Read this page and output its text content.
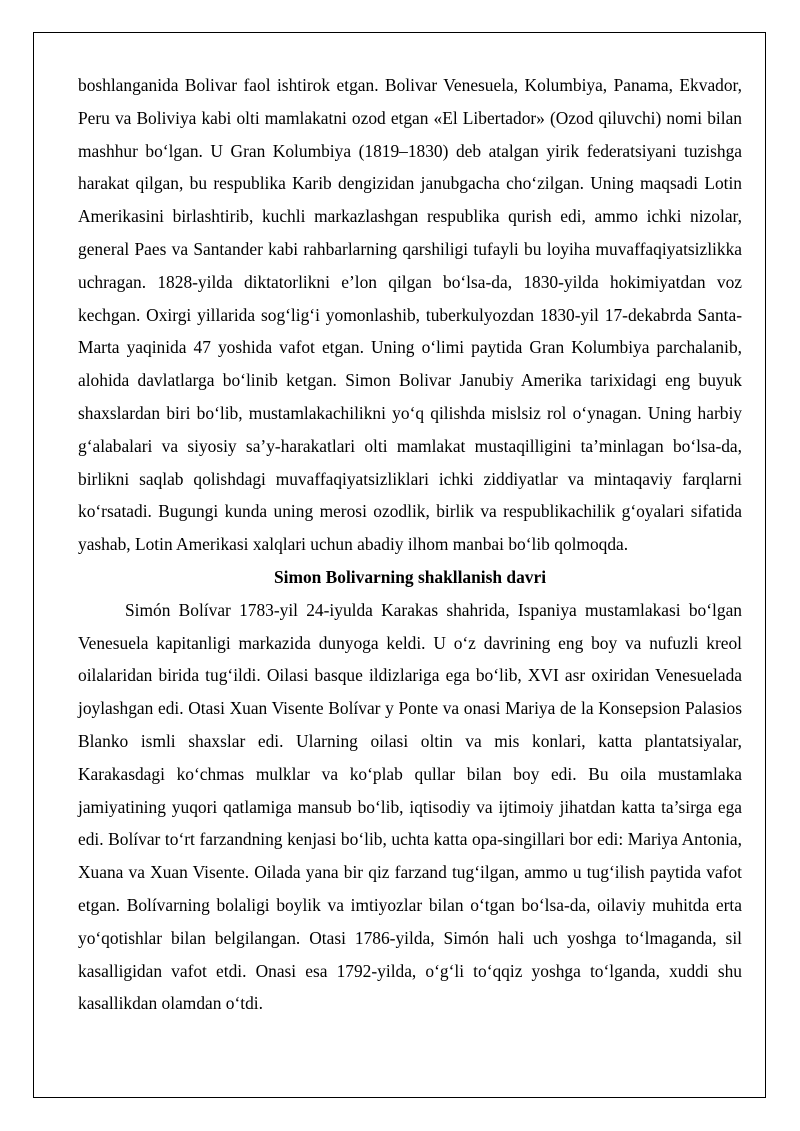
boshlanganida Bolivar faol ishtirok etgan. Bolivar Venesuela, Kolumbiya, Panama, Ekvador, Peru va Boliviya kabi olti mamlakatni ozod etgan «El Libertador» (Ozod qiluvchi) nomi bilan mashhur bo‘lgan. U Gran Kolumbiya (1819–1830) deb atalgan yirik federatsiyani tuzishga harakat qilgan, bu respublika Karib dengizidan janubgacha cho‘zilgan. Uning maqsadi Lotin Amerikasini birlashtirib, kuchli markazlashgan respublika qurish edi, ammo ichki nizolar, general Paes va Santander kabi rahbarlarning qarshiligi tufayli bu loyiha muvaffaqiyatsizlikka uchragan. 1828-yilda diktatorlikni e’lon qilgan bo‘lsa-da, 1830-yilda hokimiyatdan voz kechgan. Oxirgi yillarida sog‘lig‘i yomonlashib, tuberkulyozdan 1830-yil 17-dekabrda Santa-Marta yaqinida 47 yoshida vafot etgan. Uning o‘limi paytida Gran Kolumbiya parchalanib, alohida davlatlarga bo‘linib ketgan. Simon Bolivar Janubiy Amerika tarixidagi eng buyuk shaxslardan biri bo‘lib, mustamlakachilikni yo‘q qilishda mislsiz rol o‘ynagan. Uning harbiy g‘alabalari va siyosiy sa’y-harakatlari olti mamlakat mustaqilligini ta’minlagan bo‘lsa-da, birlikni saqlab qolishdagi muvaffaqiyatsizliklari ichki ziddiyatlar va mintaqaviy farqlarni ko‘rsatadi. Bugungi kunda uning merosi ozodlik, birlik va respublikachilik g‘oyalari sifatida yashab, Lotin Amerikasi xalqlari uchun abadiy ilhom manbai bo‘lib qolmoqda.

Simon Bolivarning shakllanish davri

Simón Bolívar 1783-yil 24-iyulda Karakas shahrida, Ispaniya mustamlakasi bo‘lgan Venesuela kapitanligi markazida dunyoga keldi. U o‘z davrining eng boy va nufuzli kreol oilalaridan birida tug‘ildi. Oilasi basque ildizlariga ega bo‘lib, XVI asr oxiridan Venesuelada joylashgan edi. Otasi Xuan Visente Bolívar y Ponte va onasi Mariya de la Konsepsion Palasios Blanko ismli shaxslar edi. Ularning oilasi oltin va mis konlari, katta plantatsiyalar, Karakasdagi ko‘chmas mulklar va ko‘plab qullar bilan boy edi. Bu oila mustamlaka jamiyatining yuqori qatlamiga mansub bo‘lib, iqtisodiy va ijtimoiy jihatdan katta ta’sirga ega edi. Bolívar to‘rt farzandning kenjasi bo‘lib, uchta katta opa-singillari bor edi: Mariya Antonia, Xuana va Xuan Visente. Oilada yana bir qiz farzand tug‘ilgan, ammo u tug‘ilish paytida vafot etgan. Bolívarning bolaligi boylik va imtiyozlar bilan o‘tgan bo‘lsa-da, oilaviy muhitda erta yo‘qotishlar bilan belgilangan. Otasi 1786-yilda, Simón hali uch yoshga to‘lmaganda, sil kasalligidan vafot etdi. Onasi esa 1792-yilda, o‘g‘li to‘qqiz yoshga to‘lganda, xuddi shu kasallikdan olamdan o‘tdi.
